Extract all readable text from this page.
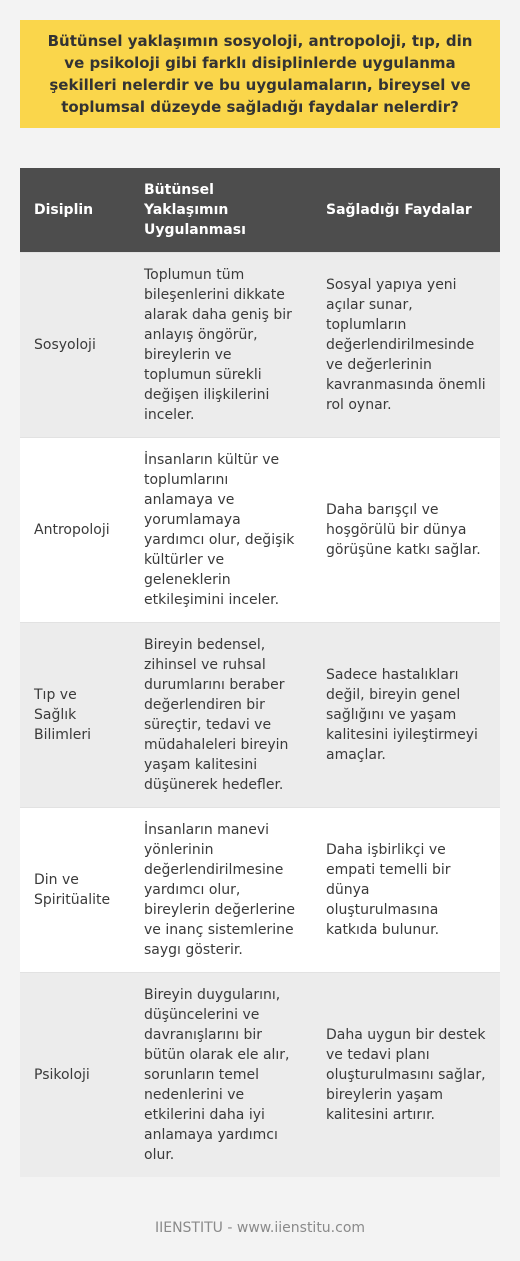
Bütünsel yaklaşımın sosyoloji, antropoloji, tıp, din ve psikoloji gibi farklı disiplinlerde uygulanma şekilleri nelerdir ve bu uygulamaların, bireysel ve toplumsal düzeyde sağladığı faydalar nelerdir?
Disiplin	Bütünsel Yaklaşımın Uygulanması	Sağladığı Faydalar
Sosyoloji	Toplumun tüm bileşenlerini dikkate alarak daha geniş bir anlayış öngörür, bireylerin ve toplumun sürekli değişen ilişkilerini inceler.	Sosyal yapıya yeni açılar sunar, toplumların değerlendirilmesinde ve değerlerinin kavranmasında önemli rol oynar.
Antropoloji	İnsanların kültür ve toplumlarını anlamaya ve yorumlamaya yardımcı olur, değişik kültürler ve geleneklerin etkileşimini inceler.	Daha barışçıl ve hoşgörülü bir dünya görüşüne katkı sağlar.
Tıp ve Sağlık Bilimleri	Bireyin bedensel, zihinsel ve ruhsal durumlarını beraber değerlendiren bir süreçtir, tedavi ve müdahaleleri bireyin yaşam kalitesini düşünerek hedefler.	Sadece hastalıkları değil, bireyin genel sağlığını ve yaşam kalitesini iyileştirmeyi amaçlar.
Din ve Spiritüalite	İnsanların manevi yönlerinin değerlendirilmesine yardımcı olur, bireylerin değerlerine ve inanç sistemlerine saygı gösterir.	Daha işbirlikçi ve empati temelli bir dünya oluşturulmasına katkıda bulunur.
Psikoloji	Bireyin duygularını, düşüncelerini ve davranışlarını bir bütün olarak ele alır, sorunların temel nedenlerini ve etkilerini daha iyi anlamaya yardımcı olur.	Daha uygun bir destek ve tedavi planı oluşturulmasını sağlar, bireylerin yaşam kalitesini artırır.
IIENSTITU - www.iienstitu.com
